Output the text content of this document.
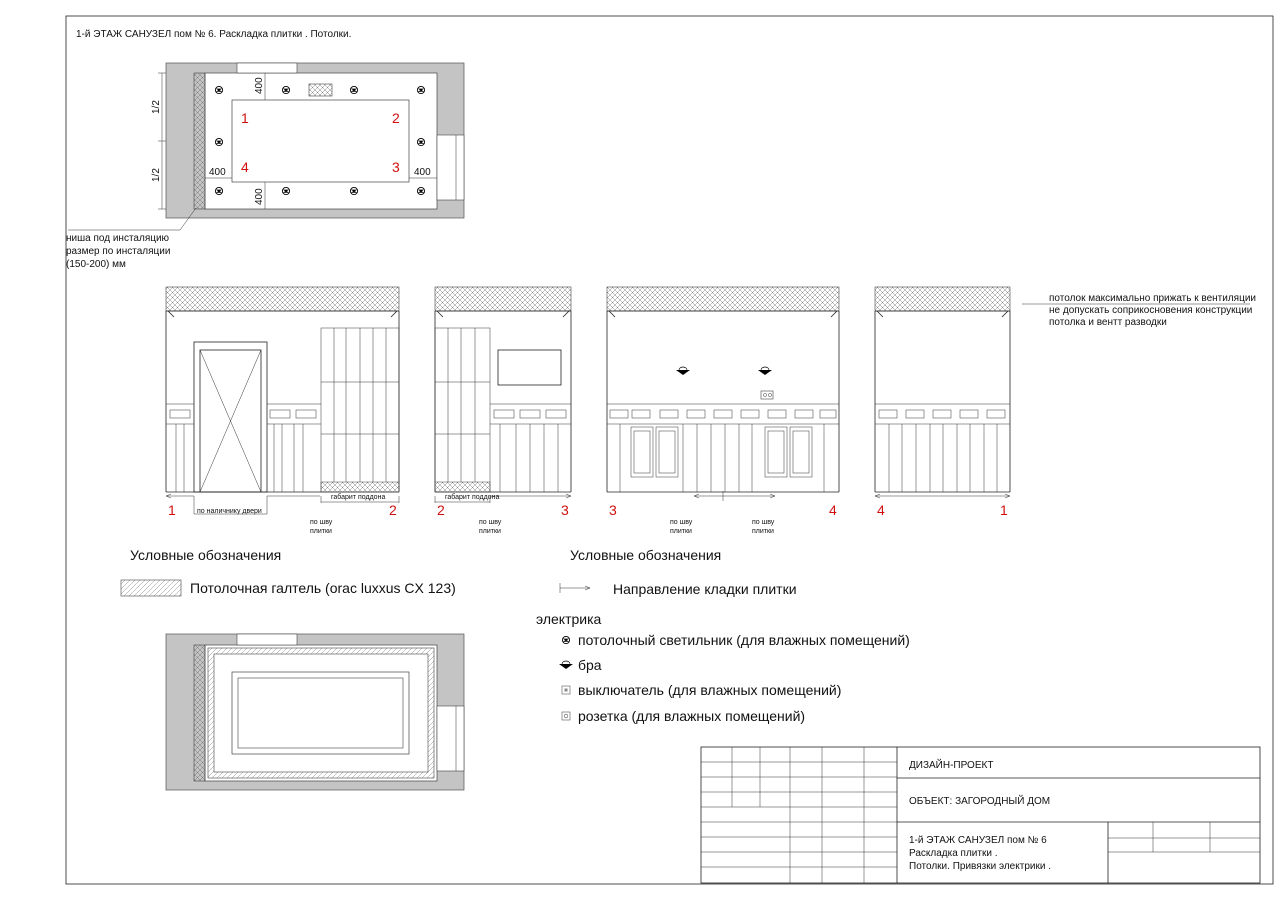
1-й ЭТАЖ САНУЗЕЛ пом № 6. Раскладка плитки . Потолки.
400
400
400	400
1/2
1/2
1	2
3
4
ниша под инсталяцию
размер по инсталяции
(150-200) мм
по наличнику двери
габарит поддона
по шву
плитки
1	2
габарит поддона
по шву
плитки
2	3
по шву
плитки
по шву
плитки
3	4	4	1
потолок максимально прижать к вентиляции
не допускать соприкосновения конструкции
потолка и вентт разводки
Условные обозначения
Потолочная галтель (orac luxxus CX 123)
Условные обозначения
Направление кладки плитки
электрика
потолочный светильник (для влажных помещений)
бра
выключатель (для влажных помещений)
розетка (для влажных помещений)
ДИЗАЙН-ПРОЕКТ
ОБЪЕКТ: ЗАГОРОДНЫЙ ДОМ
1-й ЭТАЖ САНУЗЕЛ пом № 6
Раскладка плитки .
Потолки. Привязки электрики .
